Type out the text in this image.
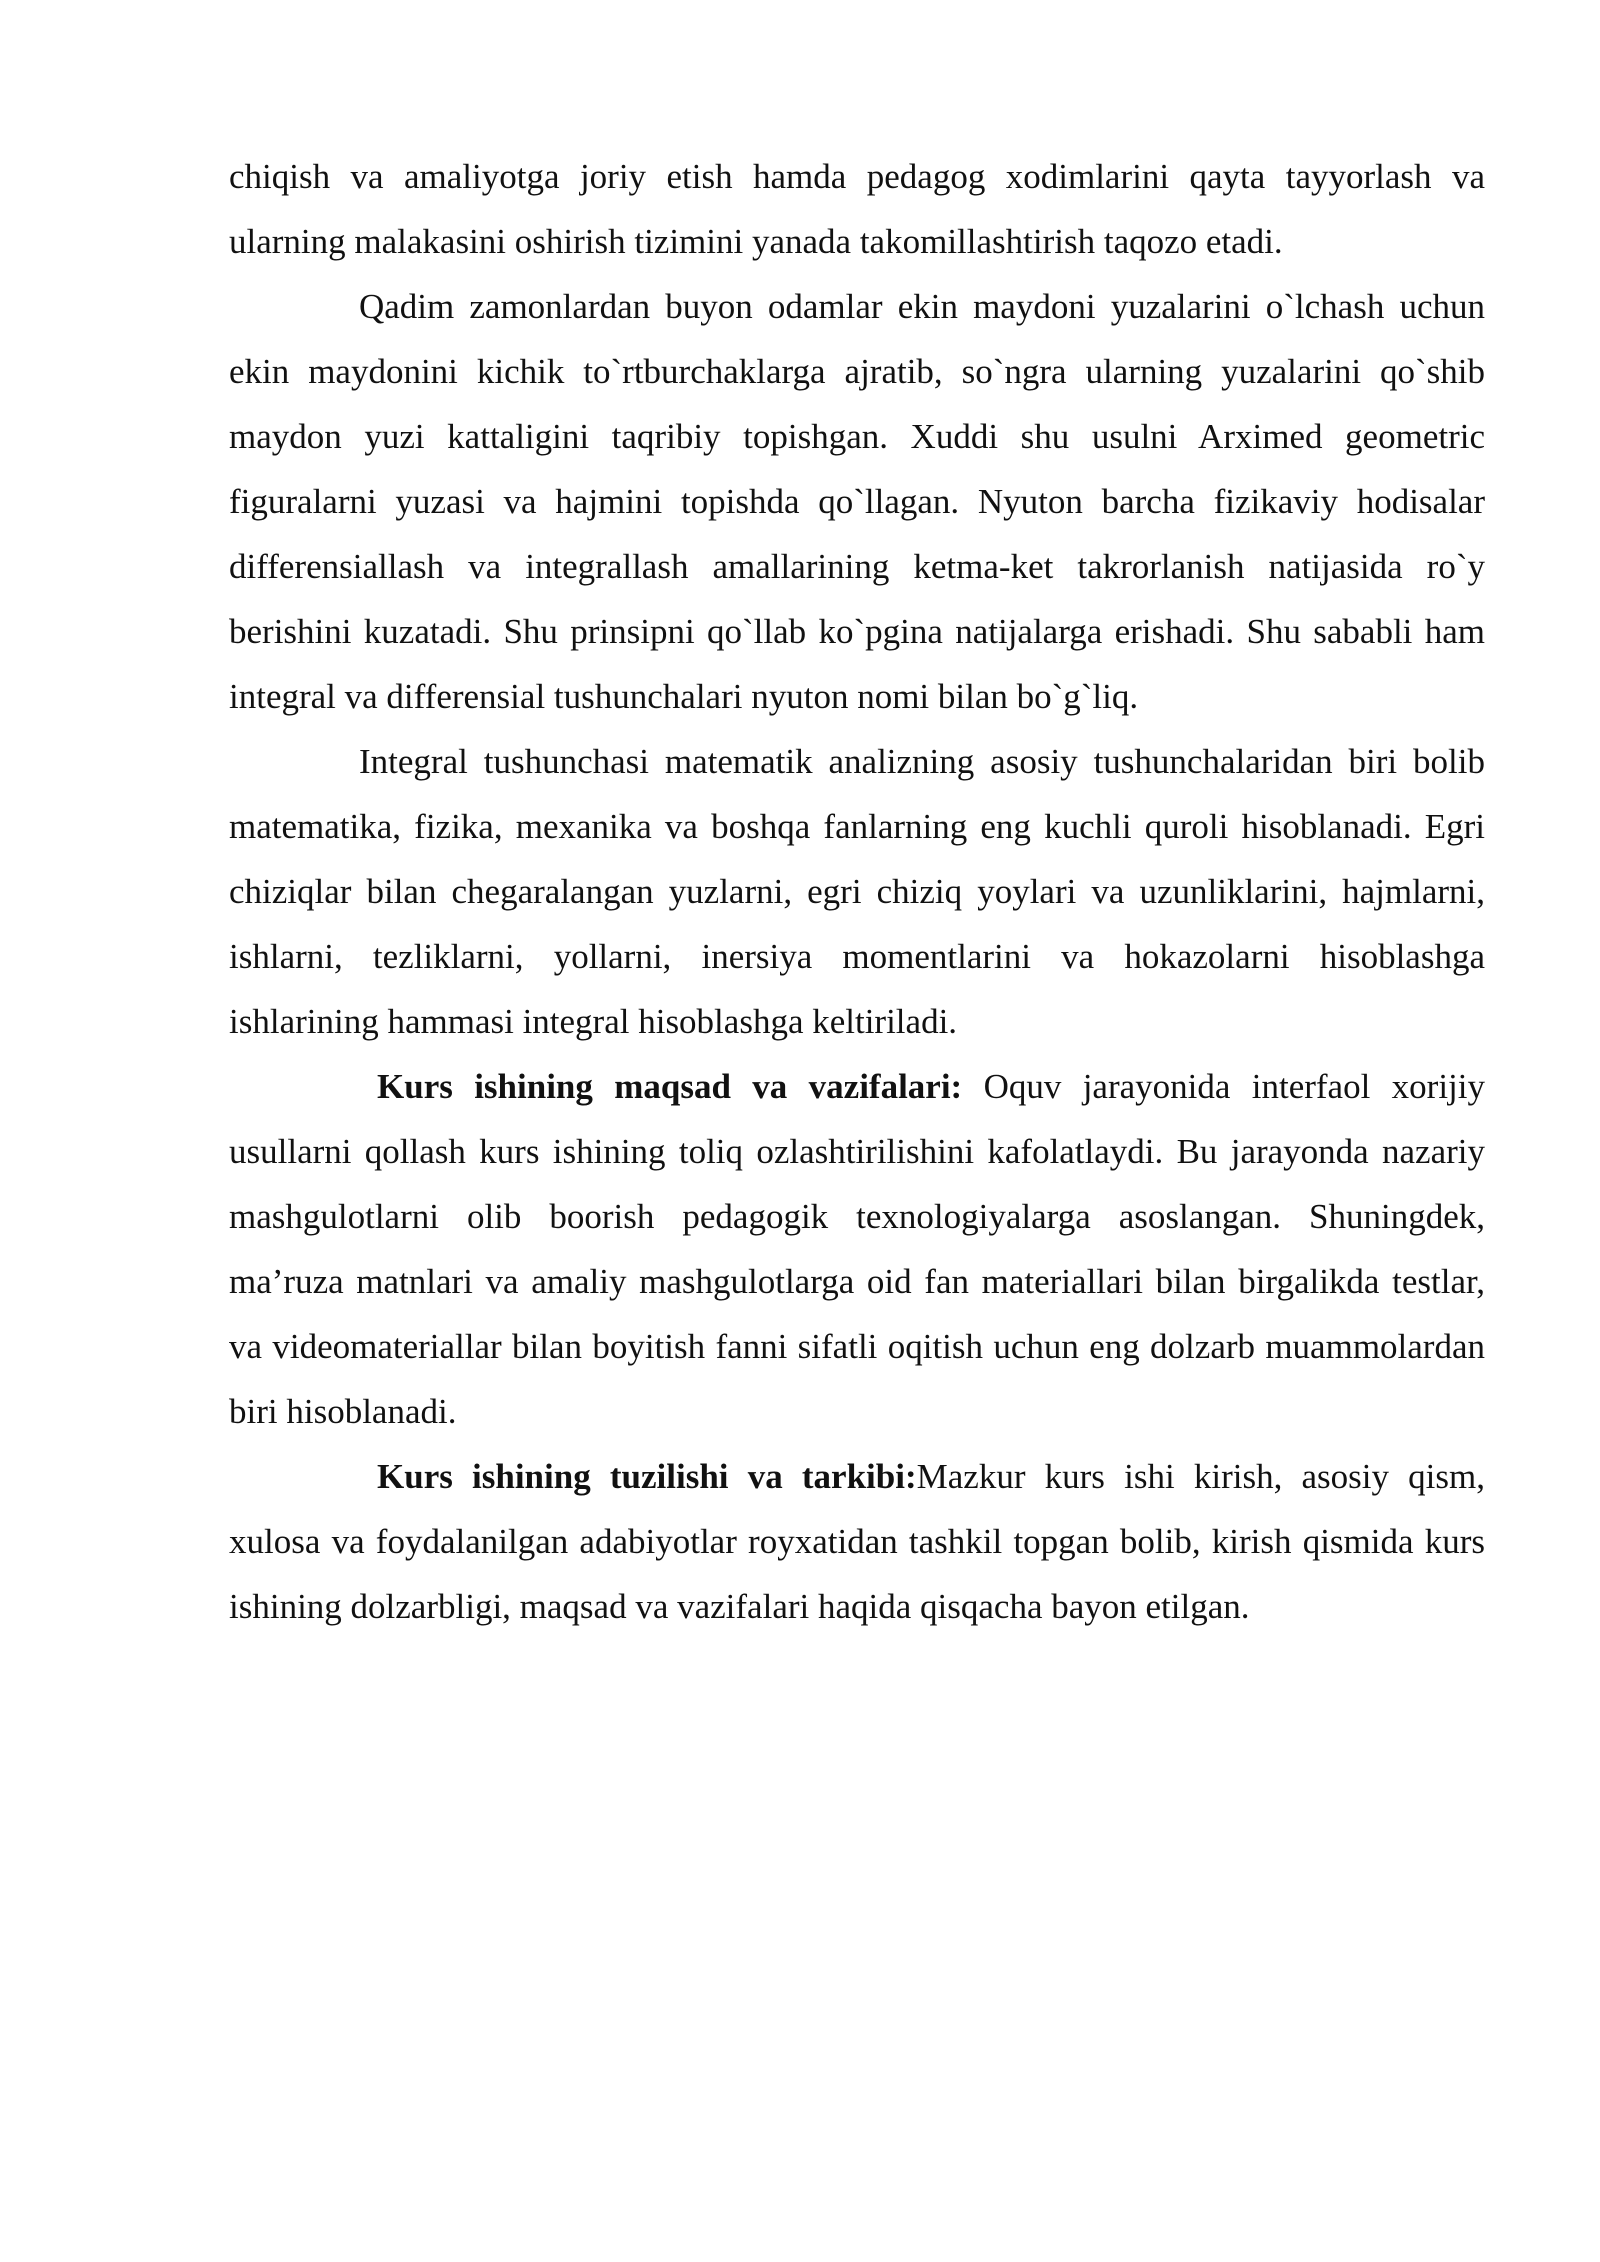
chiqish va amaliyotga joriy etish hamda pedagog xodimlarini qayta tayyorlash va ularning malakasini oshirish tizimini yanada takomillashtirish taqozo etadi.

Qadim zamonlardan buyon odamlar ekin maydoni yuzalarini o`lchash uchun ekin maydonini kichik to`rtburchaklarga ajratib, so`ngra ularning yuzalarini qo`shib maydon yuzi kattaligini taqribiy topishgan. Xuddi shu usulni Arximed geometric figuralarni yuzasi va hajmini topishda qo`llagan. Nyuton barcha fizikaviy hodisalar differensiallash va integrallash amallarining ketma-ket takrorlanish natijasida ro`y berishini kuzatadi. Shu prinsipni qo`llab ko`pgina natijalarga erishadi. Shu sababli ham integral va differensial tushunchalari nyuton nomi bilan bo`g`liq.

Integral tushunchasi matematik analizning asosiy tushunchalaridan biri bolib matematika, fizika, mexanika va boshqa fanlarning eng kuchli quroli hisoblanadi. Egri chiziqlar bilan chegaralangan yuzlarni, egri chiziq yoylari va uzunliklarini, hajmlarni, ishlarni, tezliklarni, yollarni, inersiya momentlarini va hokazolarni hisoblashga ishlarining hammasi integral hisoblashga keltiriladi.

Kurs ishining maqsad va vazifalari: Oquv jarayonida interfaol xorijiy usullarni qollash kurs ishining toliq ozlashtirilishini kafolatlaydi. Bu jarayonda nazariy mashgulotlarni olib boorish pedagogik texnologiyalarga asoslangan. Shuningdek, ma’ruza matnlari va amaliy mashgulotlarga oid fan materiallari bilan birgalikda testlar, va videomateriallar bilan boyitish fanni sifatli oqitish uchun eng dolzarb muammolardan biri hisoblanadi.

Kurs ishining tuzilishi va tarkibi:Mazkur kurs ishi kirish, asosiy qism, xulosa va foydalanilgan adabiyotlar royxatidan tashkil topgan bolib, kirish qismida kurs ishining dolzarbligi, maqsad va vazifalari haqida qisqacha bayon etilgan.
